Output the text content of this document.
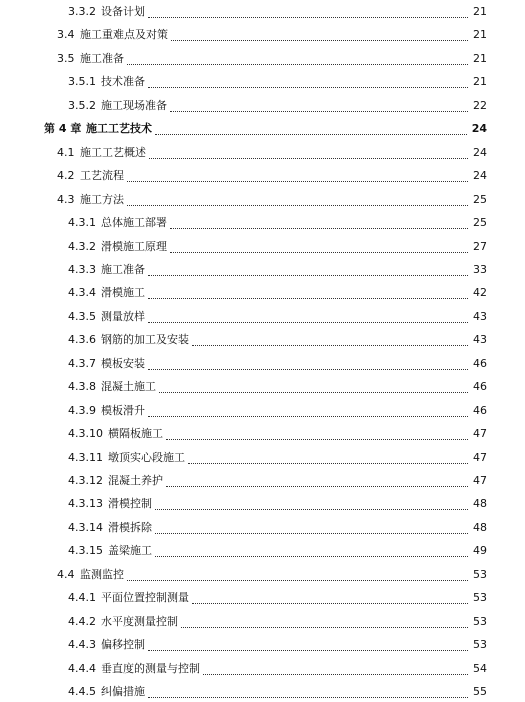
3.3.2 设备计划	21
3.4 施工重难点及对策	21
3.5 施工准备	21
3.5.1 技术准备	21
3.5.2 施工现场准备	22
第 4 章 施工工艺技术	24
4.1 施工工艺概述	24
4.2 工艺流程	24
4.3 施工方法	25
4.3.1 总体施工部署	25
4.3.2 滑模施工原理	27
4.3.3 施工准备	33
4.3.4 滑模施工	42
4.3.5 测量放样	43
4.3.6 钢筋的加工及安装	43
4.3.7 模板安装	46
4.3.8 混凝土施工	46
4.3.9 模板滑升	46
4.3.10 横隔板施工	47
4.3.11 墩顶实心段施工	47
4.3.12 混凝土养护	47
4.3.13 滑模控制	48
4.3.14 滑模拆除	48
4.3.15 盖梁施工	49
4.4 监测监控	53
4.4.1 平面位置控制测量	53
4.4.2 水平度测量控制	53
4.4.3 偏移控制	53
4.4.4 垂直度的测量与控制	54
4.4.5 纠偏措施	55
